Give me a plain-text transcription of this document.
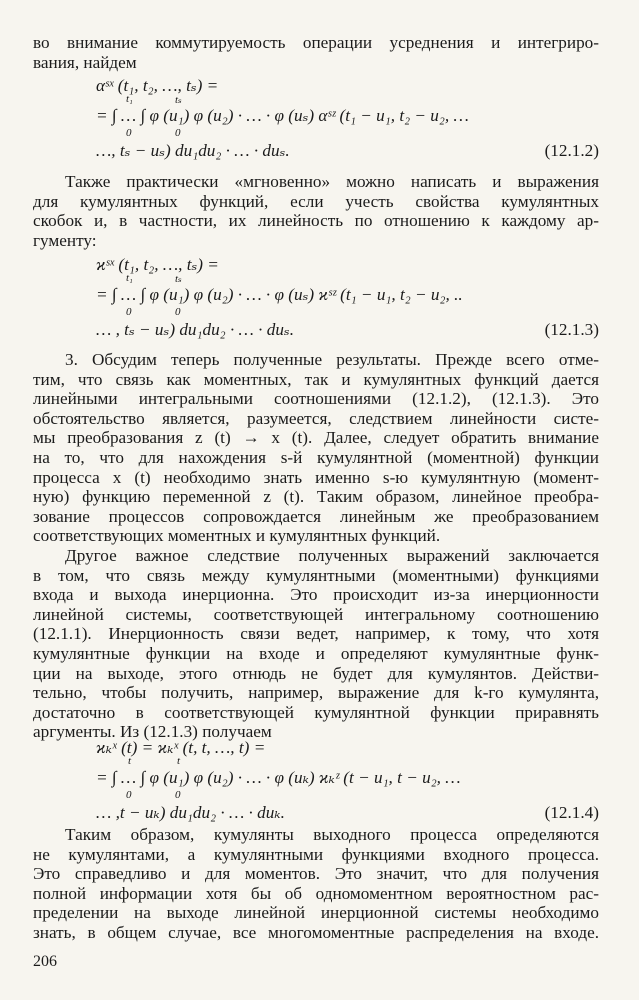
во внимание коммутируемость операции усреднения и интегриро-
вания, найдем
αˢˣ (t₁, t₂, …, tₛ) =
t₁	tₛ
= ∫ … ∫ φ (u₁) φ (u₂) · … · φ (uₛ) αˢᶻ (t₁ − u₁, t₂ − u₂, …
0	0
…, tₛ − uₛ) du₁du₂ · … · duₛ.	(12.1.2)
Также практически «мгновенно» можно написать и выражения
для кумулянтных функций, если учесть свойства кумулянтных
скобок и, в частности, их линейность по отношению к каждому ар-
гументу:
ϰˢˣ (t₁, t₂, …, tₛ) =
t₁	tₛ
= ∫ … ∫ φ (u₁) φ (u₂) · … · φ (uₛ) ϰˢᶻ (t₁ − u₁, t₂ − u₂, ..
0	0
… , tₛ − uₛ) du₁du₂ · … · duₛ.	(12.1.3)
3. Обсудим теперь полученные результаты. Прежде всего отме-
тим, что связь как моментных, так и кумулянтных функций дается
линейными интегральными соотношениями (12.1.2), (12.1.3). Это
обстоятельство является, разумеется, следствием линейности систе-
мы преобразования z (t) → x (t). Далее, следует обратить внимание
на то, что для нахождения s-й кумулянтной (моментной) функции
процесса x (t) необходимо знать именно s-ю кумулянтную (момент-
ную) функцию переменной z (t). Таким образом, линейное преобра-
зование процессов сопровождается линейным же преобразованием
соответствующих моментных и кумулянтных функций.
Другое важное следствие полученных выражений заключается
в том, что связь между кумулянтными (моментными) функциями
входа и выхода инерционна. Это происходит из-за инерционности
линейной системы, соответствующей интегральному соотношению
(12.1.1). Инерционность связи ведет, например, к тому, что хотя
кумулянтные функции на входе и определяют кумулянтные функ-
ции на выходе, этого отнюдь не будет для кумулянтов. Действи-
тельно, чтобы получить, например, выражение для k-го кумулянта,
достаточно в соответствующей кумулянтной функции приравнять
аргументы. Из (12.1.3) получаем
ϰₖˣ (t) = ϰₖˣ (t, t, …, t) =
t	t
= ∫ … ∫ φ (u₁) φ (u₂) · … · φ (uₖ) ϰₖᶻ (t − u₁, t − u₂, …
0	0
… ,t − uₖ) du₁du₂ · … · duₖ.	(12.1.4)
Таким образом, кумулянты выходного процесса определяются
не кумулянтами, а кумулянтными функциями входного процесса.
Это справедливо и для моментов. Это значит, что для получения
полной информации хотя бы об одномоментном вероятностном рас-
пределении на выходе линейной инерционной системы необходимо
знать, в общем случае, все многомоментные распределения на входе.
206
